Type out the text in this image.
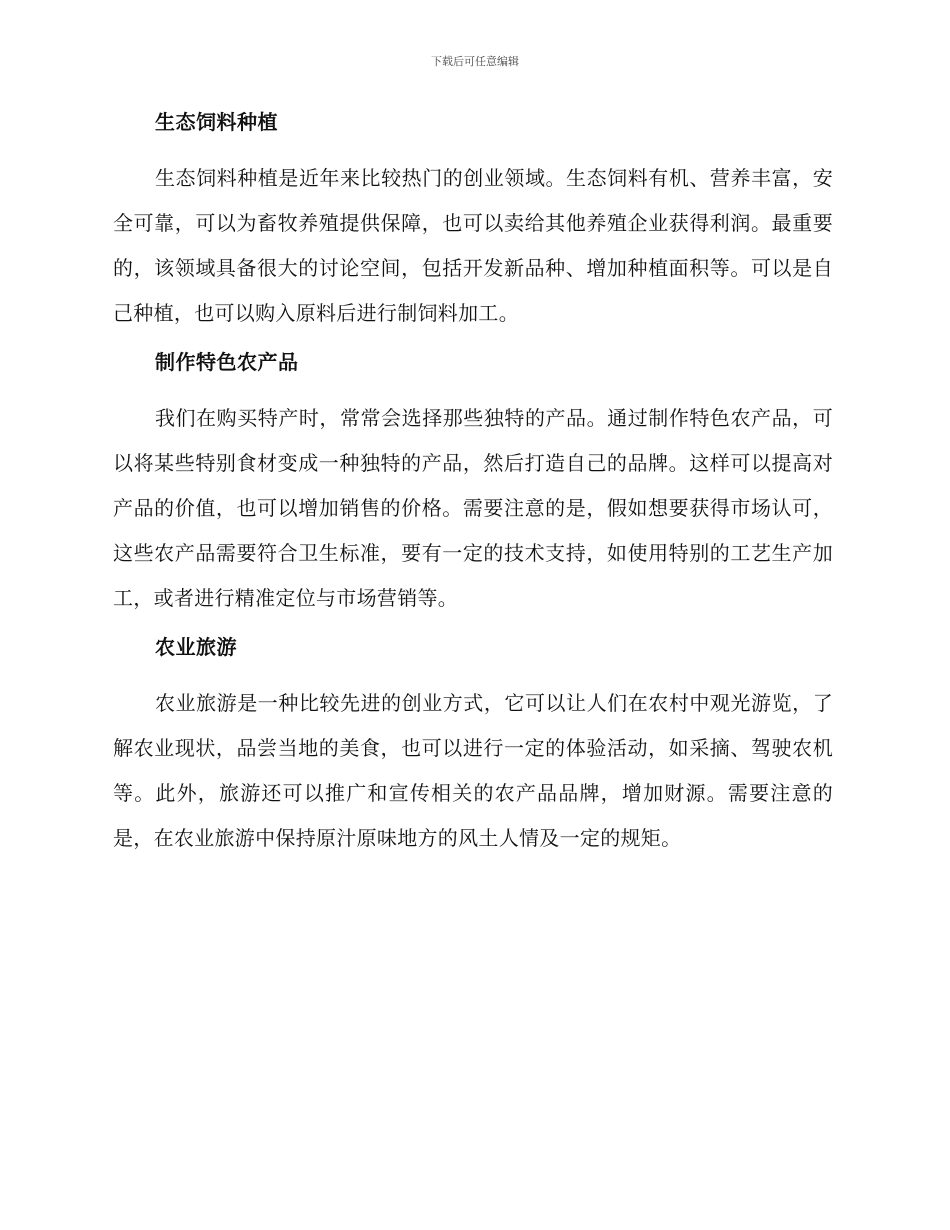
下载后可任意编辑
生态饲料种植

生态饲料种植是近年来比较热门的创业领域。生态饲料有机、营养丰富，安全可靠，可以为畜牧养殖提供保障，也可以卖给其他养殖企业获得利润。最重要的，该领域具备很大的讨论空间，包括开发新品种、增加种植面积等。可以是自己种植，也可以购入原料后进行制饲料加工。

制作特色农产品

我们在购买特产时，常常会选择那些独特的产品。通过制作特色农产品，可以将某些特别食材变成一种独特的产品，然后打造自己的品牌。这样可以提高对产品的价值，也可以增加销售的价格。需要注意的是，假如想要获得市场认可，这些农产品需要符合卫生标准，要有一定的技术支持，如使用特别的工艺生产加工，或者进行精准定位与市场营销等。

农业旅游

农业旅游是一种比较先进的创业方式，它可以让人们在农村中观光游览，了解农业现状，品尝当地的美食，也可以进行一定的体验活动，如采摘、驾驶农机等。此外，旅游还可以推广和宣传相关的农产品品牌，增加财源。需要注意的是，在农业旅游中保持原汁原味地方的风土人情及一定的规矩。
